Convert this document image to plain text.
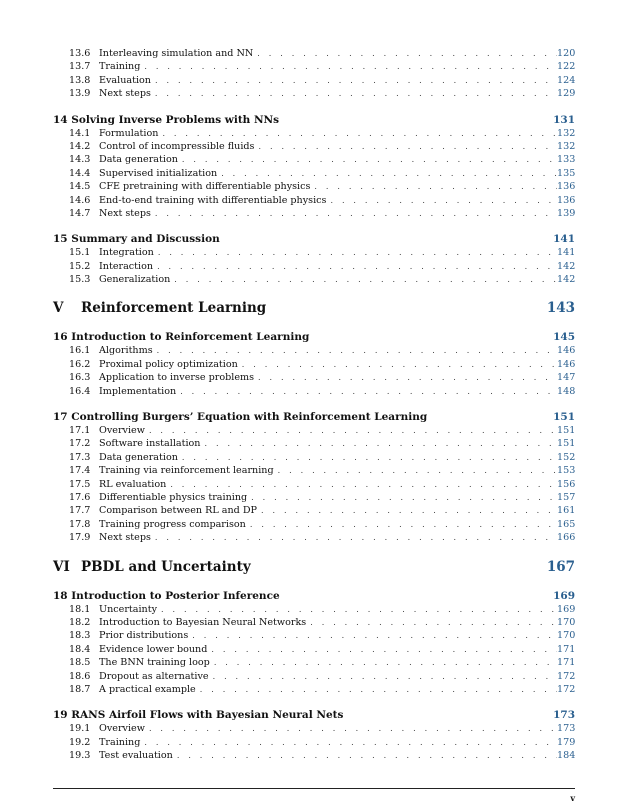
13.6 Interleaving simulation and NN . . .	120
13.7 Training . . .	122
13.8 Evaluation . . .	124
13.9 Next steps . . .	129
14 Solving Inverse Problems with NNs	131
14.1 Formulation . . .	132
14.2 Control of incompressible fluids . . .	132
14.3 Data generation . . .	133
14.4 Supervised initialization . . .	135
14.5 CFE pretraining with differentiable physics . . .	136
14.6 End-to-end training with differentiable physics . . .	136
14.7 Next steps . . .	139
15 Summary and Discussion	141
15.1 Integration . . .	141
15.2 Interaction . . .	142
15.3 Generalization . . .	142
V	Reinforcement Learning	143
16 Introduction to Reinforcement Learning	145
16.1 Algorithms . . .	146
16.2 Proximal policy optimization . . .	146
16.3 Application to inverse problems . . .	147
16.4 Implementation . . .	148
17 Controlling Burgers’ Equation with Reinforcement Learning	151
17.1 Overview . . .	151
17.2 Software installation . . .	151
17.3 Data generation . . .	152
17.4 Training via reinforcement learning . . .	153
17.5 RL evaluation . . .	156
17.6 Differentiable physics training . . .	157
17.7 Comparison between RL and DP . . .	161
17.8 Training progress comparison . . .	165
17.9 Next steps . . .	166
VI PBDL and Uncertainty	167
18 Introduction to Posterior Inference	169
18.1 Uncertainty . . .	169
18.2 Introduction to Bayesian Neural Networks . . .	170
18.3 Prior distributions . . .	170
18.4 Evidence lower bound . . .	171
18.5 The BNN training loop . . .	171
18.6 Dropout as alternative . . .	172
18.7 A practical example . . .	172
19 RANS Airfoil Flows with Bayesian Neural Nets	173
19.1 Overview . . .	173
19.2 Training . . .	179
19.3 Test evaluation . . .	184
v
